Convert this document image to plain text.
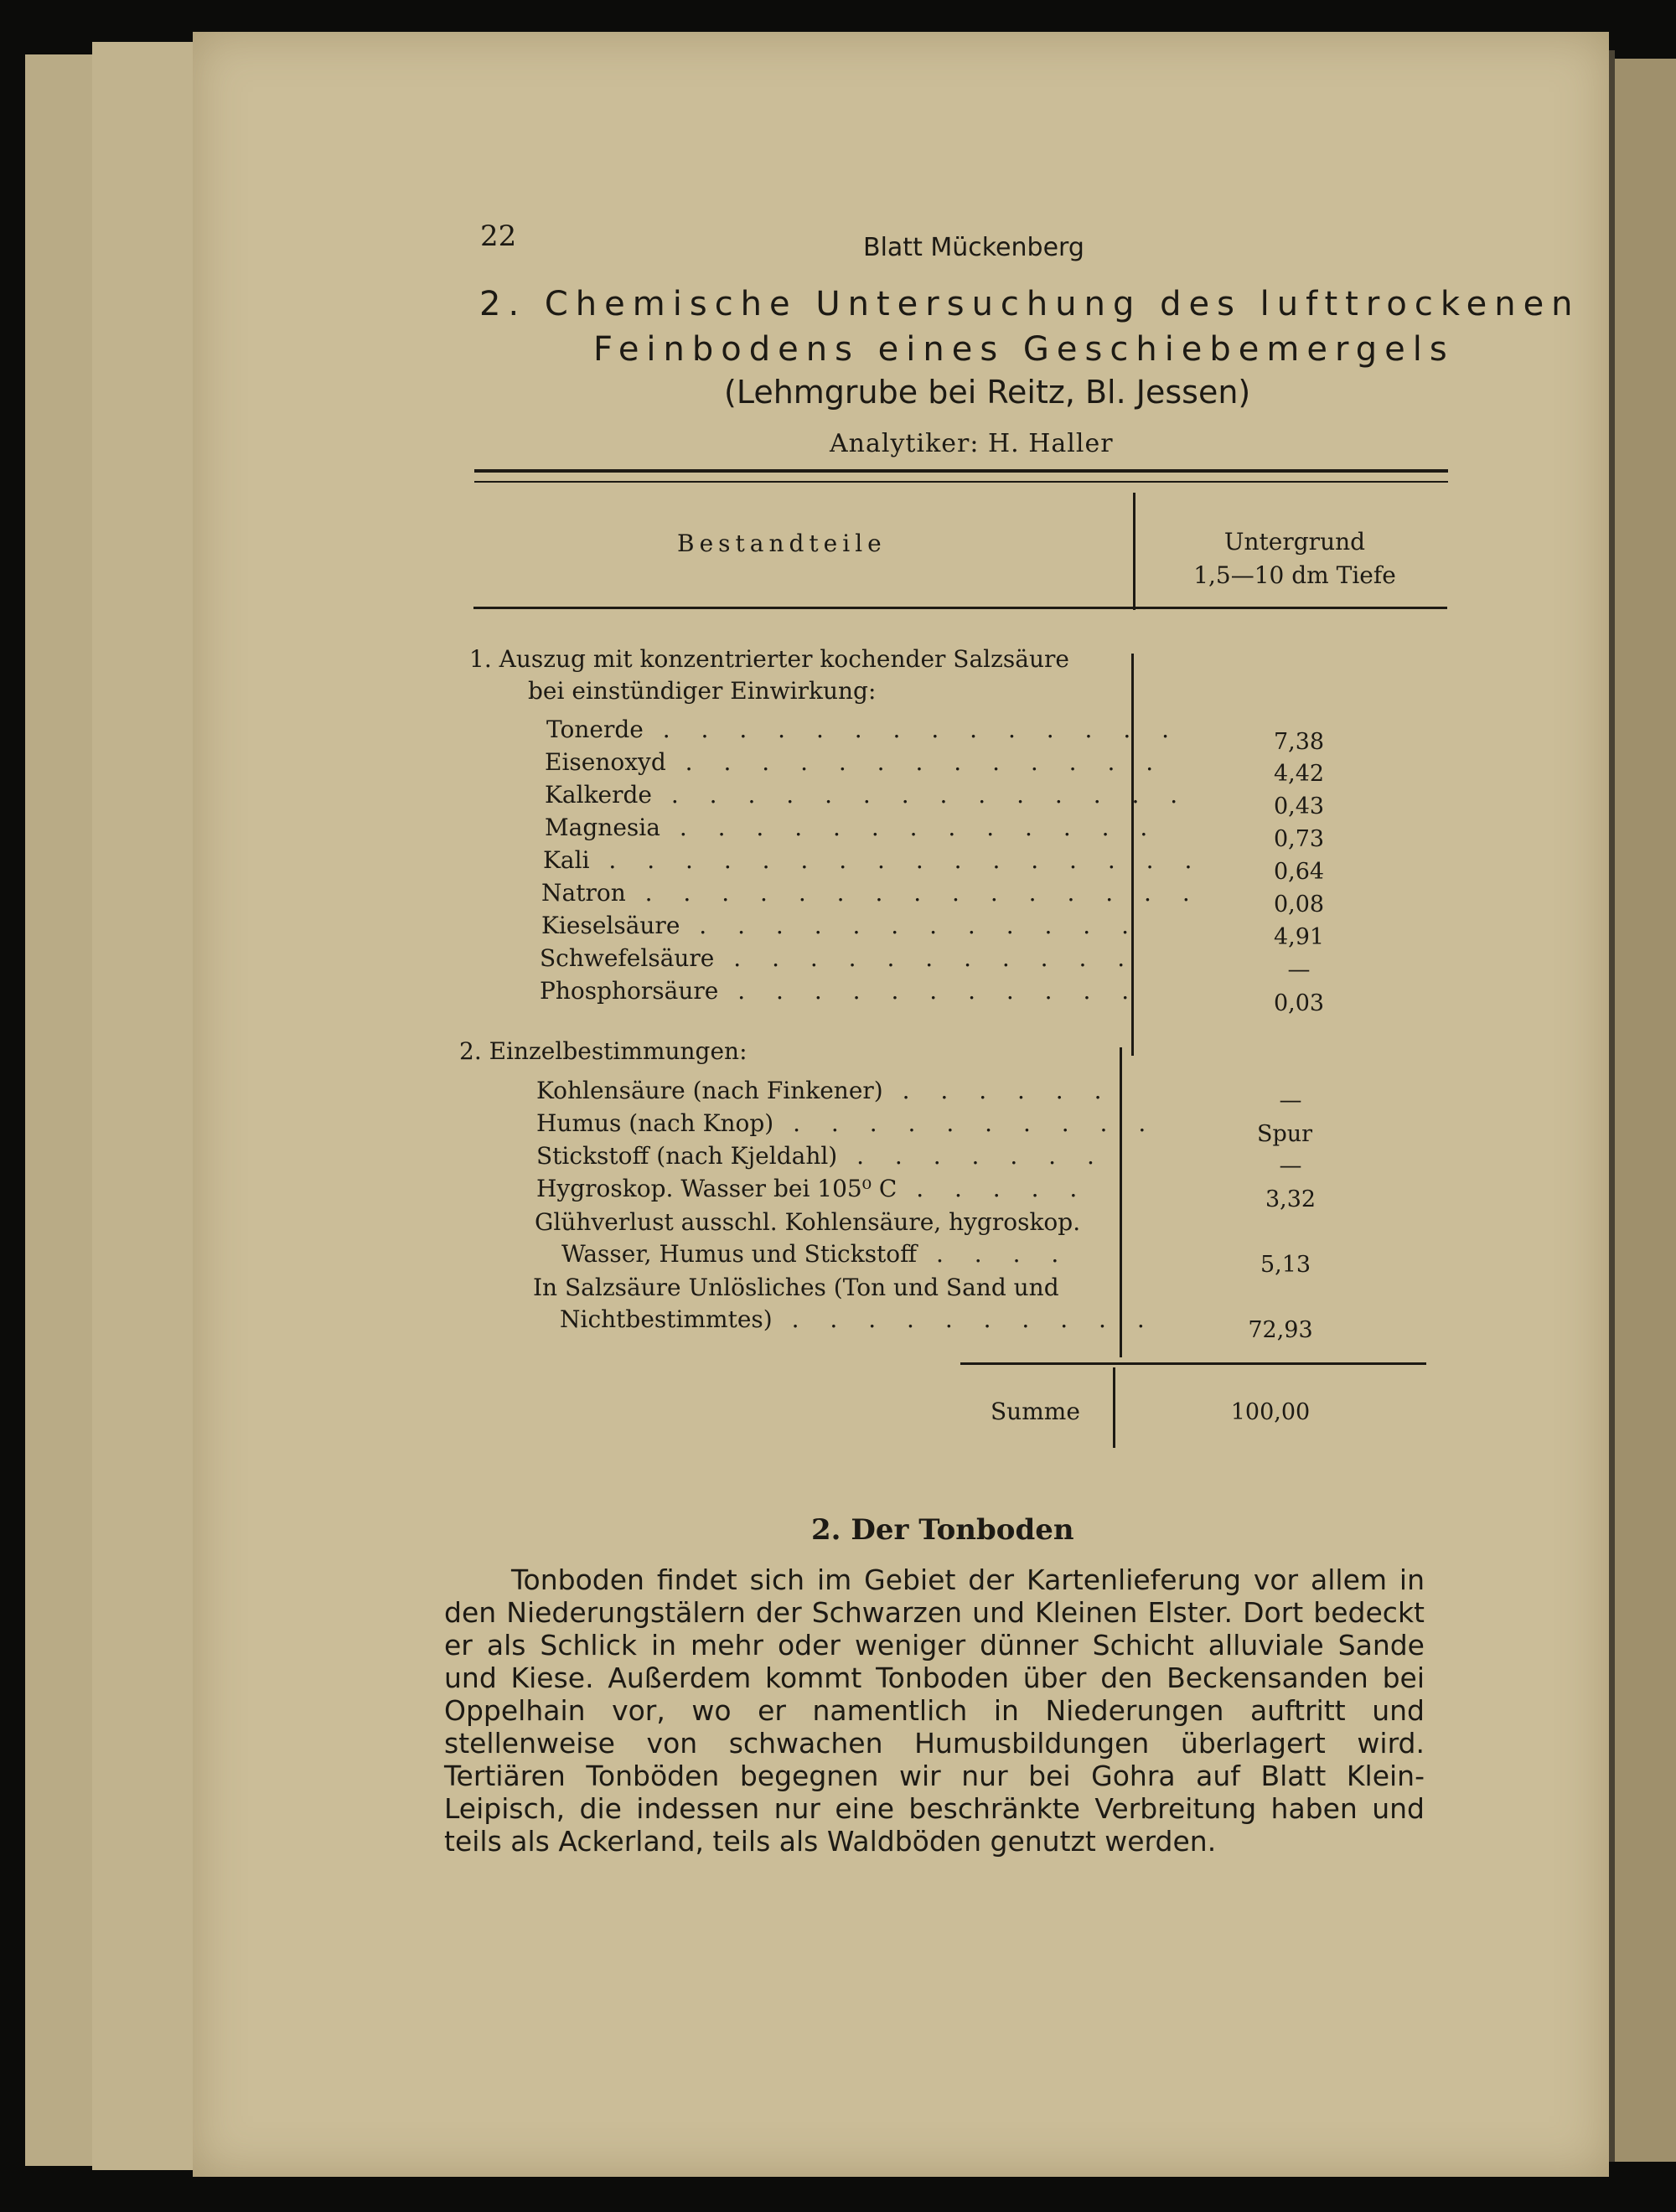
22	Blatt Mückenberg
2. Chemische Untersuchung des lufttrockenen
Feinbodens eines Geschiebemergels
(Lehmgrube bei Reitz, Bl. Jessen)
Analytiker: H. Haller
Bestandteile	Untergrund
1,5—10 dm Tiefe
1. Auszug mit konzentrierter kochender Salzsäure
bei einstündiger Einwirkung:
Tonerde . . . . . . . . . . . . . .	7,38
Eisenoxyd . . . . . . . . . . . . .	4,42
Kalkerde . . . . . . . . . . . . . .	0,43
Magnesia . . . . . . . . . . . . .	0,73
Kali . . . . . . . . . . . . . . . .	0,64
Natron . . . . . . . . . . . . . . .	0,08
Kieselsäure . . . . . . . . . . . .	4,91
Schwefelsäure . . . . . . . . . . .	—
Phosphorsäure . . . . . . . . . . .	0,03
2. Einzelbestimmungen:
Kohlensäure (nach Finkener) . . . . . .	—
Humus (nach Knop) . . . . . . . . . .	Spur
Stickstoff (nach Kjeldahl) . . . . . . .	—
Hygroskop. Wasser bei 105⁰ C . . . . .	3,32
Glühverlust ausschl. Kohlensäure, hygroskop.
Wasser, Humus und Stickstoff . . . .	5,13
In Salzsäure Unlösliches (Ton und Sand und
Nichtbestimmtes) . . . . . . . . . .	72,93
Summe	100,00
2. Der Tonboden
Tonboden findet sich im Gebiet der Kartenlieferung vor allem in den Niederungstälern der Schwarzen und Kleinen Elster. Dort bedeckt er als Schlick in mehr oder weniger dünner Schicht alluviale Sande und Kiese. Außerdem kommt Tonboden über den Beckensanden bei Oppelhain vor, wo er namentlich in Niederungen auftritt und stellenweise von schwachen Humusbildungen überlagert wird. Tertiären Tonböden begegnen wir nur bei Gohra auf Blatt Klein-Leipisch, die indessen nur eine beschränkte Verbreitung haben und teils als Ackerland, teils als Waldböden genutzt werden.
